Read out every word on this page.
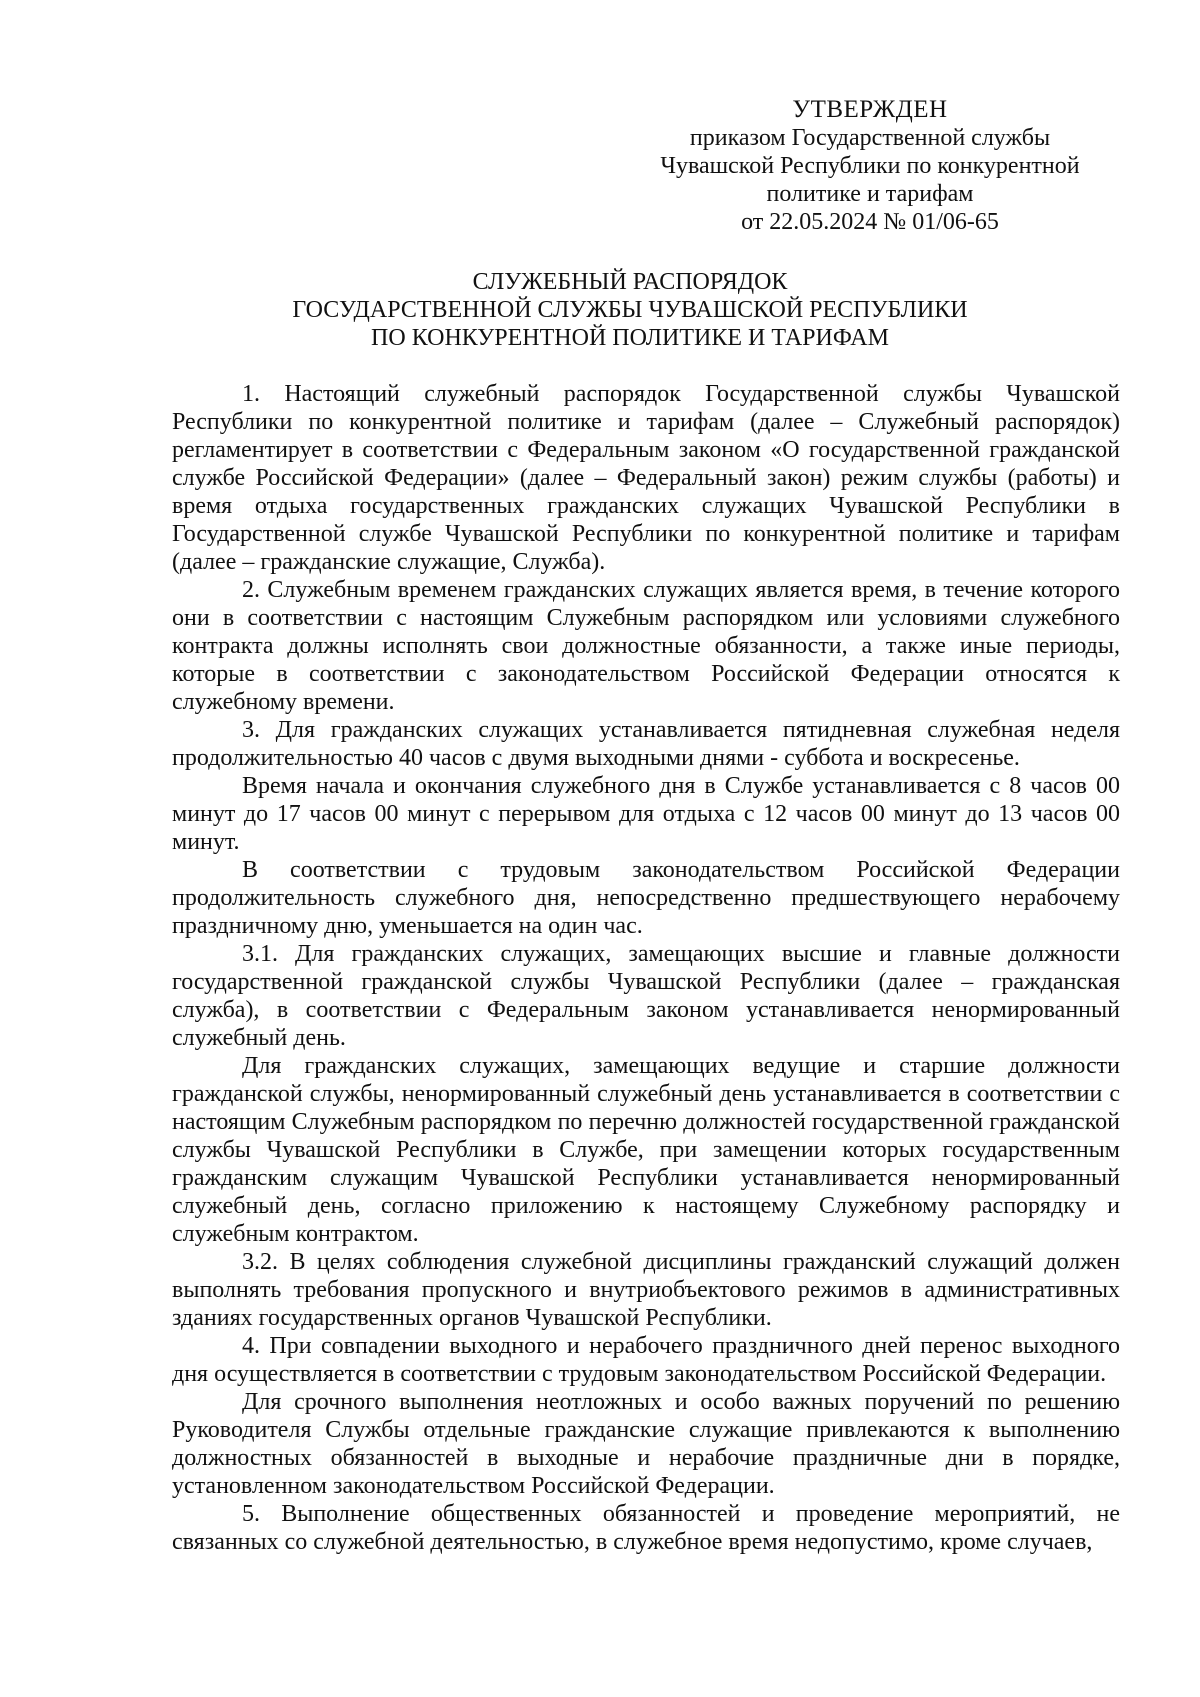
УТВЕРЖДЕН
приказом Государственной службы
Чувашской Республики по конкурентной
политике и тарифам
от 22.05.2024 № 01/06-65
СЛУЖЕБНЫЙ РАСПОРЯДОК
ГОСУДАРСТВЕННОЙ СЛУЖБЫ ЧУВАШСКОЙ РЕСПУБЛИКИ
ПО КОНКУРЕНТНОЙ ПОЛИТИКЕ И ТАРИФАМ

1. Настоящий служебный распорядок Государственной службы Чувашской Республики по конкурентной политике и тарифам (далее – Служебный распорядок) регламентирует в соответствии с Федеральным законом «О государственной гражданской службе Российской Федерации» (далее – Федеральный закон) режим службы (работы) и время отдыха государственных гражданских служащих Чувашской Республики в Государственной службе Чувашской Республики по конкурентной политике и тарифам (далее – гражданские служащие, Служба).

2. Служебным временем гражданских служащих является время, в течение которого они в соответствии с настоящим Служебным распорядком или условиями служебного контракта должны исполнять свои должностные обязанности, а также иные периоды, которые в соответствии с законодательством Российской Федерации относятся к служебному времени.

3. Для гражданских служащих устанавливается пятидневная служебная неделя продолжительностью 40 часов с двумя выходными днями - суббота и воскресенье.

Время начала и окончания служебного дня в Службе устанавливается с 8 часов 00 минут до 17 часов 00 минут с перерывом для отдыха с 12 часов 00 минут до 13 часов 00 минут.

В соответствии с трудовым законодательством Российской Федерации продолжительность служебного дня, непосредственно предшествующего нерабочему праздничному дню, уменьшается на один час.

3.1. Для гражданских служащих, замещающих высшие и главные должности государственной гражданской службы Чувашской Республики (далее – гражданская служба), в соответствии с Федеральным законом устанавливается ненормированный служебный день.

Для гражданских служащих, замещающих ведущие и старшие должности гражданской службы, ненормированный служебный день устанавливается в соответствии с настоящим Служебным распорядком по перечню должностей государственной гражданской службы Чувашской Республики в Службе, при замещении которых государственным гражданским служащим Чувашской Республики устанавливается ненормированный служебный день, согласно приложению к настоящему Служебному распорядку и служебным контрактом.

3.2. В целях соблюдения служебной дисциплины гражданский служащий должен выполнять требования пропускного и внутриобъектового режимов в административных зданиях государственных органов Чувашской Республики.

4. При совпадении выходного и нерабочего праздничного дней перенос выходного дня осуществляется в соответствии с трудовым законодательством Российской Федерации.

Для срочного выполнения неотложных и особо важных поручений по решению Руководителя Службы отдельные гражданские служащие привлекаются к выполнению должностных обязанностей в выходные и нерабочие праздничные дни в порядке, установленном законодательством Российской Федерации.

5. Выполнение общественных обязанностей и проведение мероприятий, не связанных со служебной деятельностью, в служебное время недопустимо, кроме случаев,
